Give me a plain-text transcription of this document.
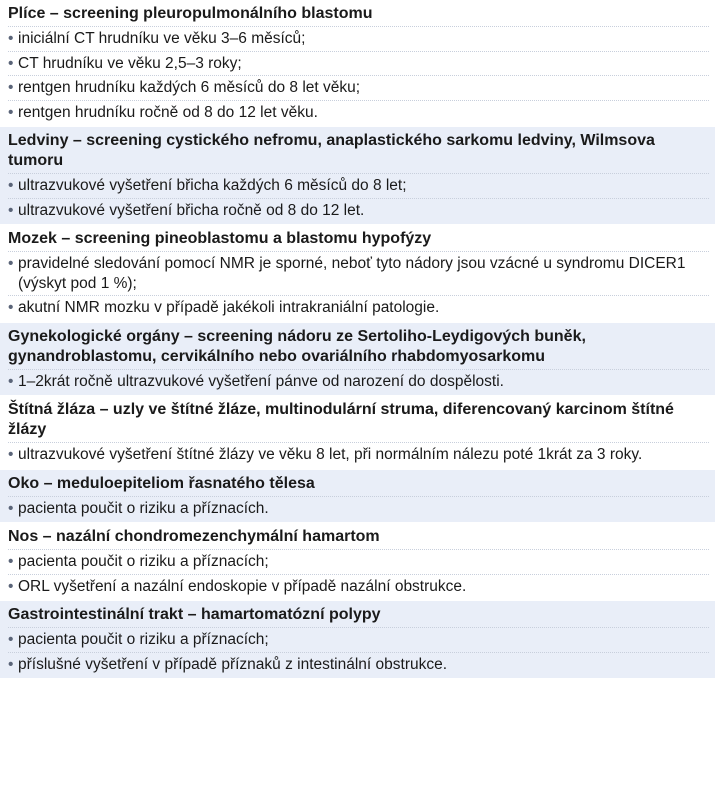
Plíce – screening pleuropulmonálního blastomu
• iniciální CT hrudníku ve věku 3–6 měsíců;
• CT hrudníku ve věku 2,5–3 roky;
• rentgen hrudníku každých 6 měsíců do 8 let věku;
• rentgen hrudníku ročně od 8 do 12 let věku.
Ledviny – screening cystického nefromu, anaplastického sarkomu ledviny, Wilmsova tumoru
• ultrazvukové vyšetření břicha každých 6 měsíců do 8 let;
• ultrazvukové vyšetření břicha ročně od 8 do 12 let.
Mozek – screening pineoblastomu a blastomu hypofýzy
• pravidelné sledování pomocí NMR je sporné, neboť tyto nádory jsou vzácné u syndromu DICER1 (výskyt pod 1 %);
• akutní NMR mozku v případě jakékoli intrakraniální patologie.
Gynekologické orgány – screening nádoru ze Sertoliho-Leydigových buněk, gynandroblastomu, cervikálního nebo ovariálního rhabdomyosarkomu
• 1–2krát ročně ultrazvukové vyšetření pánve od narození do dospělosti.
Štítná žláza – uzly ve štítné žláze, multinodulární struma, diferencovaný karcinom štítné žlázy
• ultrazvukové vyšetření štítné žlázy ve věku 8 let, při normálním nálezu poté 1krát za 3 roky.
Oko – meduloepiteliom řasnatého tělesa
• pacienta poučit o riziku a příznacích.
Nos – nazální chondromezenchymální hamartom
• pacienta poučit o riziku a příznacích;
• ORL vyšetření a nazální endoskopie v případě nazální obstrukce.
Gastrointestinální trakt – hamartomatózní polypy
• pacienta poučit o riziku a příznacích;
• příslušné vyšetření v případě příznaků z intestinální obstrukce.
